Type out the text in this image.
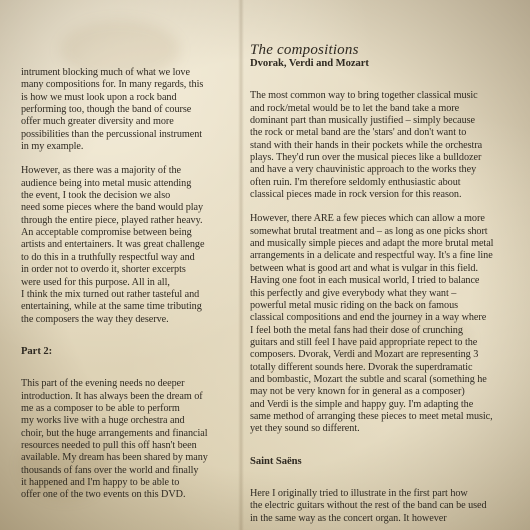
intrument blocking much of what we love

many compositions for. In many regards, this

is how we must look upon a rock band

performing too, though the band of course

offer much greater diversity and more

possibilities than the percussional instrument

in my example.

However, as there was a majority of the

audience being into metal music attending

the event, I took the decision we also

need some pieces where the band would play

through the entire piece, played rather heavy.

An acceptable compromise between being

artists and entertainers. It was great challenge

to do this in a truthfully respectful way and

in order not to overdo it, shorter excerpts

were used for this purpose. All in all,

I think the mix turned out rather tasteful and

entertaining, while at the same time tributing

the composers the way they deserve.

Part 2:

This part of the evening needs no deeper

introduction. It has always been the dream of

me as a composer to be able to perform

my works live with a huge orchestra and

choir, but the huge arrangements and financial

resources needed to pull this off hasn't been

available. My dream has been shared by many

thousands of fans over the world and finally

it happened and I'm happy to be able to

offer one of the two events on this DVD.

The compositions

Dvorak, Verdi and Mozart

The most common way to bring together classical music

and rock/metal would be to let the band take a more

dominant part than musically justified – simply because

the rock or metal band are the 'stars' and don't want to

stand with their hands in their pockets while the orchestra

plays. They'd run over the musical pieces like a bulldozer

and have a very chauvinistic approach to the works they

often ruin. I'm therefore seldomly enthusiastic about

classical pieces made in rock version for this reason.

However, there ARE a few pieces which can allow a more

somewhat brutal treatment and – as long as one picks short

and musically simple pieces and adapt the more brutal metal

arrangements in a delicate and respectful way. It's a fine line

between what is good art and what is vulgar in this field.

Having one foot in each musical world, I tried to balance

this perfectly and give everybody what they want –

powerful metal music riding on the back on famous

classical compositions and end the journey in a way where

I feel both the metal fans had their dose of crunching

guitars and still feel I have paid appropriate repect to the

composers. Dvorak, Verdi and Mozart are representing 3

totally different sounds here. Dvorak the superdramatic

and bombastic, Mozart the subtle and scaral (something he

may not be very known for in general as a composer)

and Verdi is the simple and happy guy. I'm adapting the

same method of arranging these pieces to meet metal music,

yet they sound so different.

Saint Saëns

Here I originally tried to illustrate in the first part how

the electric guitars without the rest of the band can be used

in the same way as the concert organ. It however
